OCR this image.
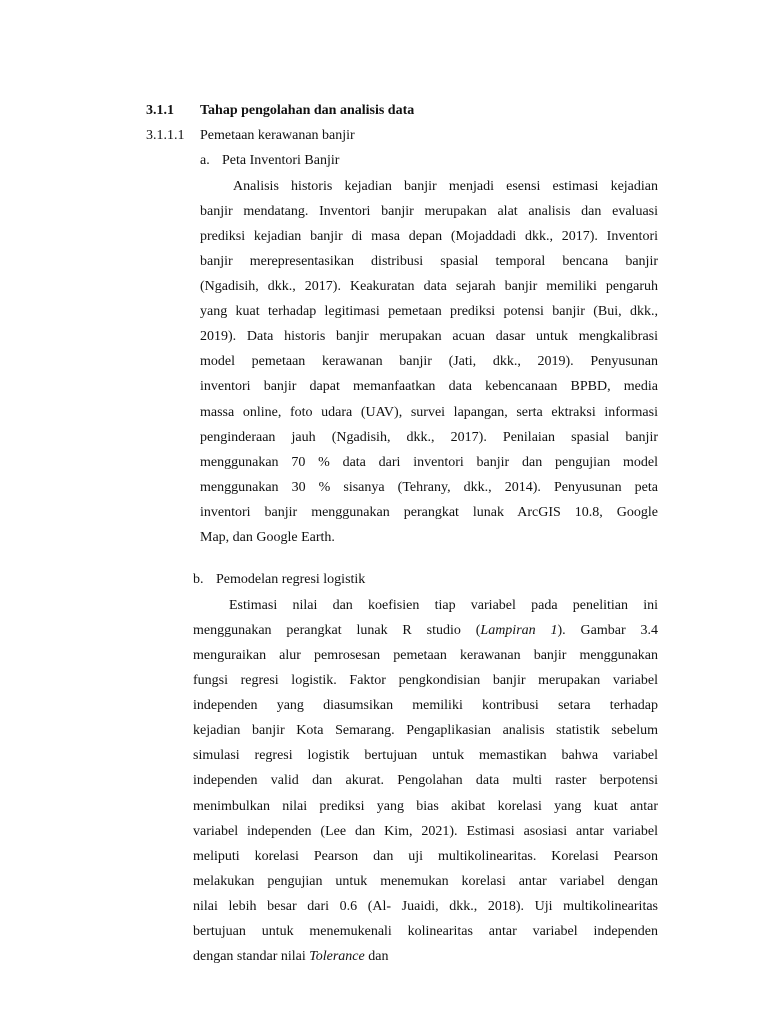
3.1.1 Tahap pengolahan dan analisis data
3.1.1.1 Pemetaan kerawanan banjir
a. Peta Inventori Banjir
Analisis historis kejadian banjir menjadi esensi estimasi kejadian
banjir mendatang. Inventori banjir merupakan alat analisis dan evaluasi
prediksi kejadian banjir di masa depan (Mojaddadi dkk., 2017). Inventori
banjir merepresentasikan distribusi spasial temporal bencana banjir
(Ngadisih, dkk., 2017). Keakuratan data sejarah banjir memiliki pengaruh
yang kuat terhadap legitimasi pemetaan prediksi potensi banjir (Bui, dkk.,
2019). Data historis banjir merupakan acuan dasar untuk mengkalibrasi
model pemetaan kerawanan banjir (Jati, dkk., 2019). Penyusunan
inventori banjir dapat memanfaatkan data kebencanaan BPBD, media
massa online, foto udara (UAV), survei lapangan, serta ektraksi informasi
penginderaan jauh (Ngadisih, dkk., 2017). Penilaian spasial banjir
menggunakan 70 % data dari inventori banjir dan pengujian model
menggunakan 30 % sisanya (Tehrany, dkk., 2014). Penyusunan peta
inventori banjir menggunakan perangkat lunak ArcGIS 10.8, Google
Map, dan Google Earth.
b. Pemodelan regresi logistik
Estimasi nilai dan koefisien tiap variabel pada penelitian ini
menggunakan perangkat lunak R studio (Lampiran 1). Gambar 3.4
menguraikan alur pemrosesan pemetaan kerawanan banjir menggunakan
fungsi regresi logistik. Faktor pengkondisian banjir merupakan variabel
independen yang diasumsikan memiliki kontribusi setara terhadap
kejadian banjir Kota Semarang. Pengaplikasian analisis statistik sebelum
simulasi regresi logistik bertujuan untuk memastikan bahwa variabel
independen valid dan akurat. Pengolahan data multi raster berpotensi
menimbulkan nilai prediksi yang bias akibat korelasi yang kuat antar
variabel independen (Lee dan Kim, 2021). Estimasi asosiasi antar variabel
meliputi korelasi Pearson dan uji multikolinearitas. Korelasi Pearson
melakukan pengujian untuk menemukan korelasi antar variabel dengan
nilai lebih besar dari 0.6 (Al- Juaidi, dkk., 2018). Uji multikolinearitas
bertujuan untuk menemukenali kolinearitas antar variabel independen
dengan standar nilai Tolerance dan
